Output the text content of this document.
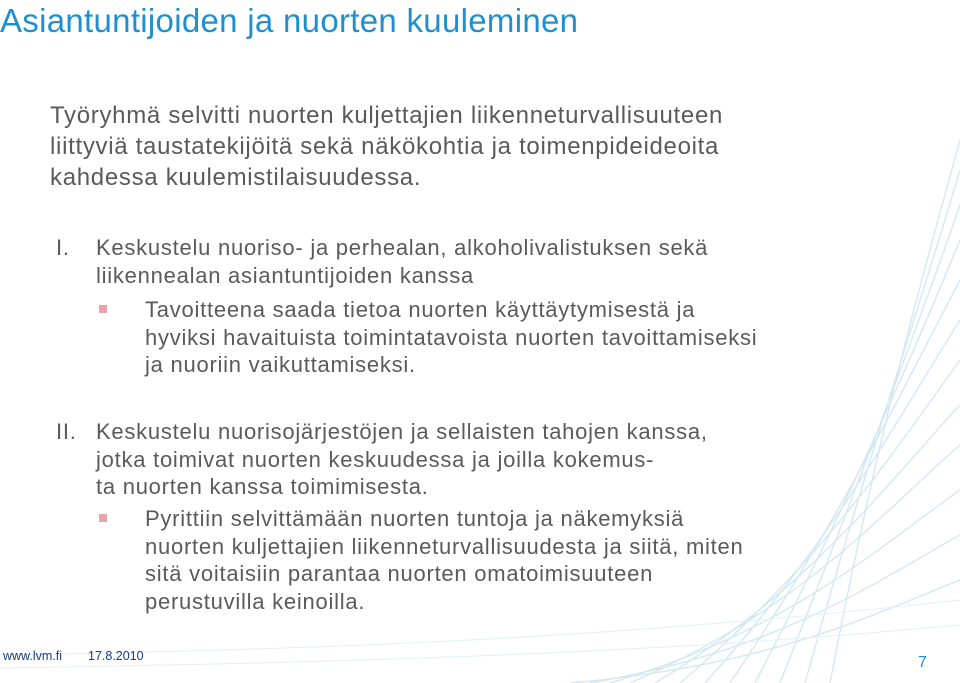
Asiantuntijoiden ja nuorten kuuleminen
Työryhmä selvitti nuorten kuljettajien liikenneturvallisuuteen
liittyviä taustatekijöitä sekä näkökohtia ja toimenpideideoita
kahdessa kuulemistilaisuudessa.
I. Keskustelu nuoriso- ja perhealan, alkoholivalistuksen sekä
liikennealan asiantuntijoiden kanssa
Tavoitteena saada tietoa nuorten käyttäytymisestä ja
hyviksi havaituista toimintatavoista nuorten tavoittamiseksi
ja nuoriin vaikuttamiseksi.
II. Keskustelu nuorisojärjestöjen ja sellaisten tahojen kanssa,
jotka toimivat nuorten keskuudessa ja joilla kokemus-
ta nuorten kanssa toimimisesta.
Pyrittiin selvittämään nuorten tuntoja ja näkemyksiä
nuorten kuljettajien liikenneturvallisuudesta ja siitä, miten
sitä voitaisiin parantaa nuorten omatoimisuuteen
perustuvilla keinoilla.
www.lvm.fi 17.8.2010	7
